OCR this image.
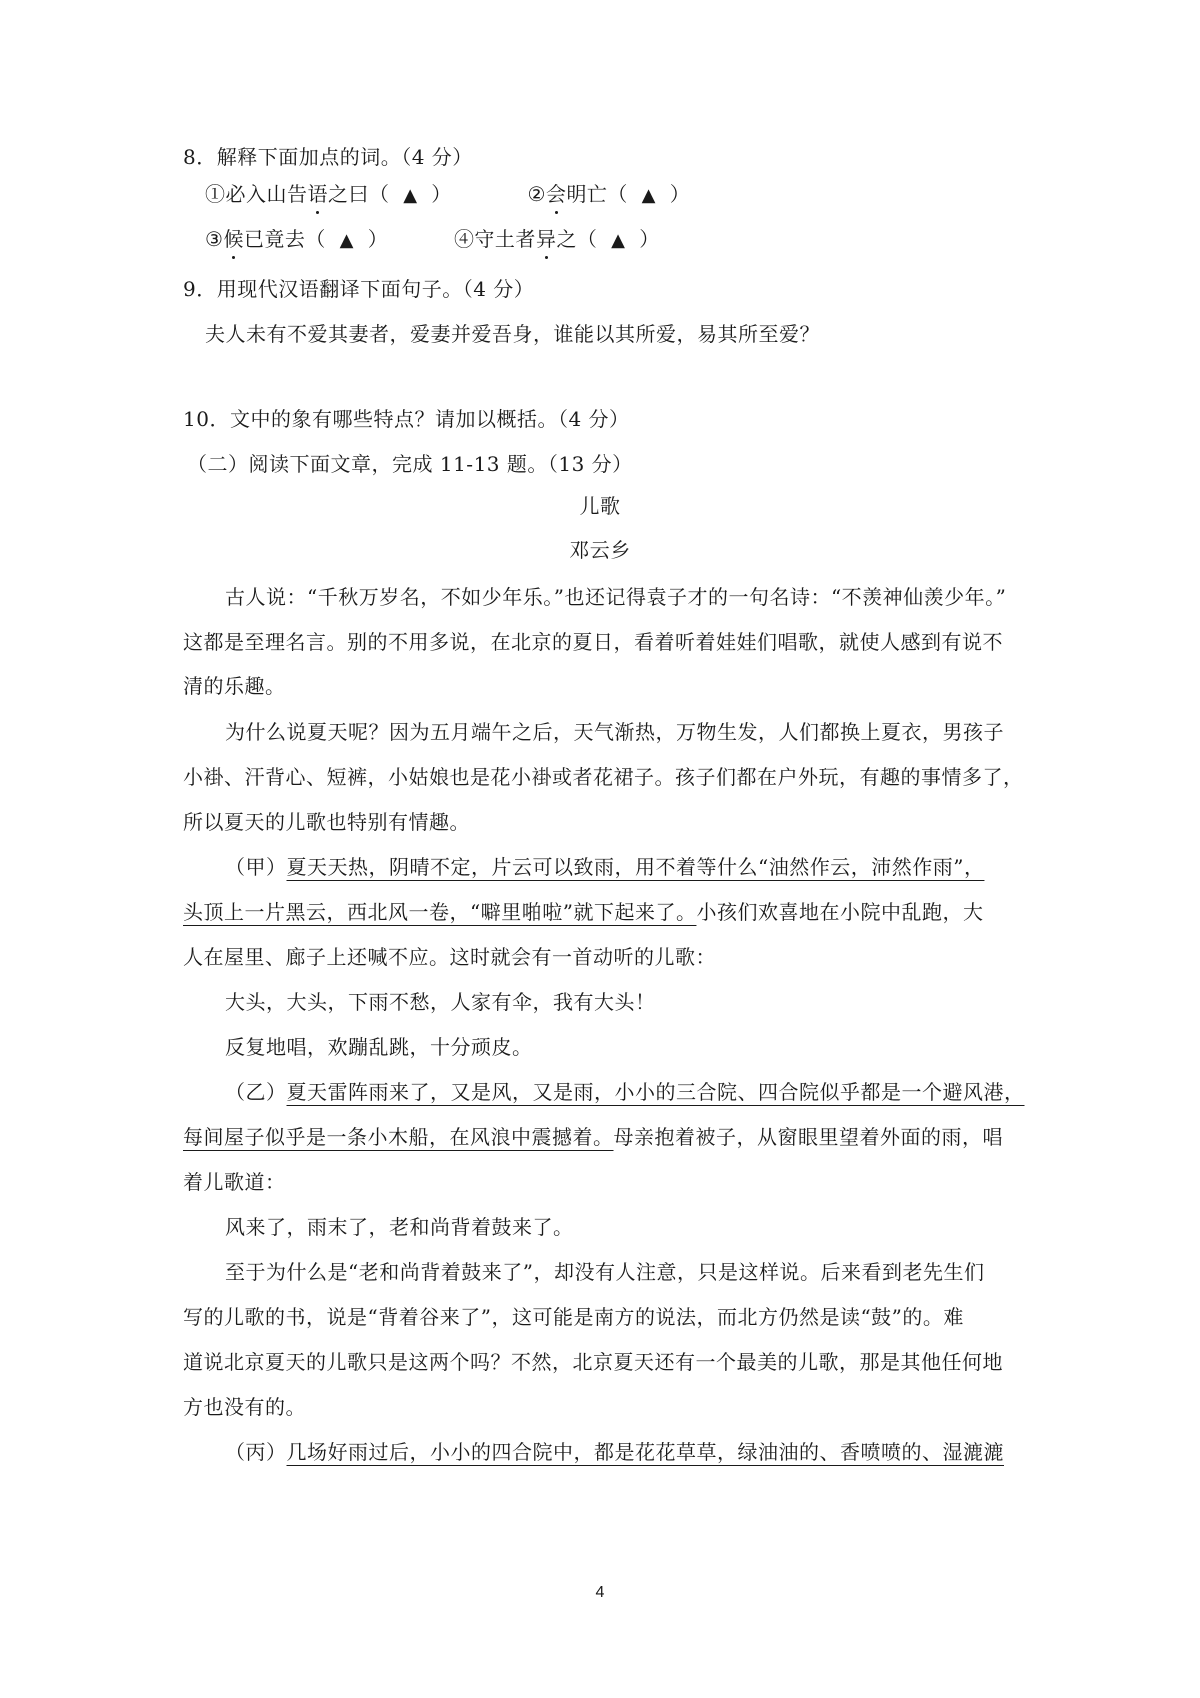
8．解释下面加点的词。（4 分）
①必入山告语之曰（ ▲ ）	②会明亡（ ▲ ）
③候已竟去（ ▲ ）	④守土者异之（ ▲ ）
9．用现代汉语翻译下面句子。（4 分）
夫人未有不爱其妻者，爱妻并爱吾身，谁能以其所爱，易其所至爱？
10．文中的象有哪些特点？请加以概括。（4 分）
（二）阅读下面文章，完成 11-13 题。（13 分）
儿歌
邓云乡
古人说：“千秋万岁名，不如少年乐。”也还记得袁子才的一句名诗：“不羡神仙羡少年。”
这都是至理名言。别的不用多说，在北京的夏日，看着听着娃娃们唱歌，就使人感到有说不
清的乐趣。
为什么说夏天呢？因为五月端午之后，天气渐热，万物生发，人们都换上夏衣，男孩子
小褂、汗背心、短裤，小姑娘也是花小褂或者花裙子。孩子们都在户外玩，有趣的事情多了，
所以夏天的儿歌也特别有情趣。
（甲）夏天天热，阴晴不定，片云可以致雨，用不着等什么“油然作云，沛然作雨”，
头顶上一片黑云，西北风一卷，“噼里啪啦”就下起来了。小孩们欢喜地在小院中乱跑，大
人在屋里、廊子上还喊不应。这时就会有一首动听的儿歌：
大头，大头，下雨不愁，人家有伞，我有大头！
反复地唱，欢蹦乱跳，十分顽皮。
（乙）夏天雷阵雨来了，又是风，又是雨，小小的三合院、四合院似乎都是一个避风港，
每间屋子似乎是一条小木船，在风浪中震撼着。母亲抱着被子，从窗眼里望着外面的雨，唱
着儿歌道：
风来了，雨末了，老和尚背着鼓来了。
至于为什么是“老和尚背着鼓来了”，却没有人注意，只是这样说。后来看到老先生们
写的儿歌的书，说是“背着谷来了”，这可能是南方的说法，而北方仍然是读“鼓”的。难
道说北京夏天的儿歌只是这两个吗？不然，北京夏天还有一个最美的儿歌，那是其他任何地
方也没有的。
（丙）几场好雨过后，小小的四合院中，都是花花草草，绿油油的、香喷喷的、湿漉漉
4
